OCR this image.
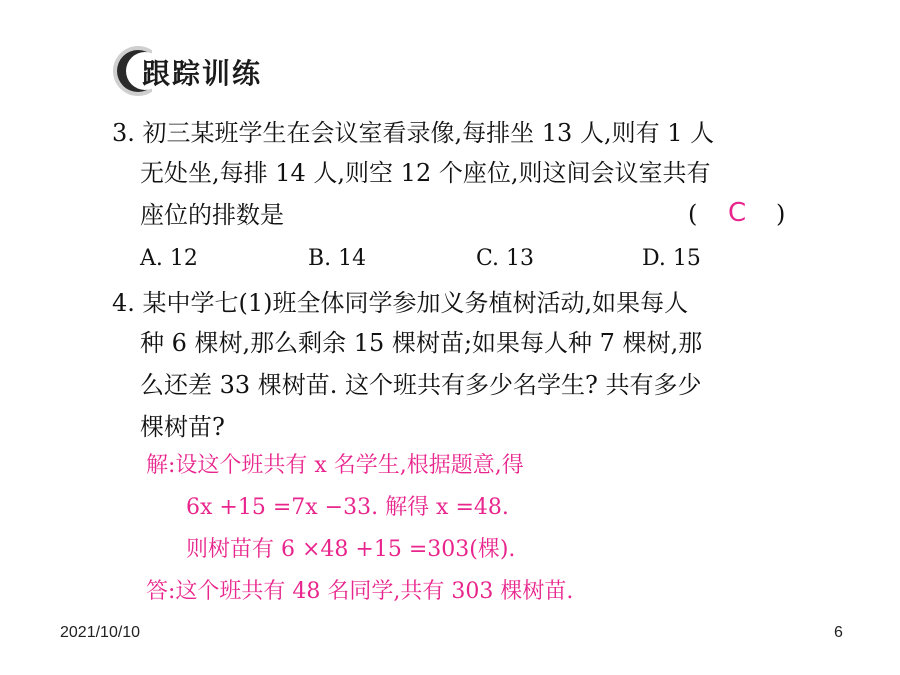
跟踪训练
3. 初三某班学生在会议室看录像,每排坐 13 人,则有 1 人
无处坐,每排 14 人,则空 12 个座位,则这间会议室共有
座位的排数是	( C )
A. 12	B. 14	C. 13	D. 15
4. 某中学七(1)班全体同学参加义务植树活动,如果每人
种 6 棵树,那么剩余 15 棵树苗;如果每人种 7 棵树,那
么还差 33 棵树苗. 这个班共有多少名学生? 共有多少
棵树苗?
解:设这个班共有 x 名学生,根据题意,得
6x +15 =7x −33. 解得 x =48.
则树苗有 6 ×48 +15 =303(棵).
答:这个班共有 48 名同学,共有 303 棵树苗.
2021/10/10	6
